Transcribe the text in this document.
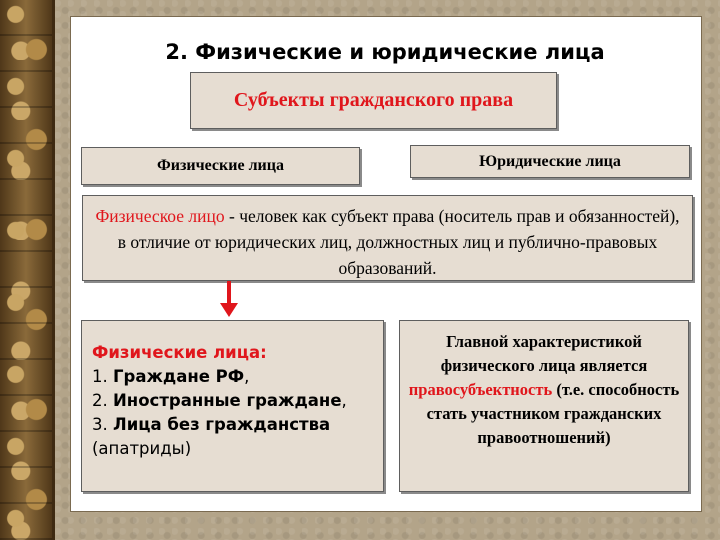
2. Физические и юридические лица
Субъекты гражданского права
Физические лица	Юридические лица
Физическое лицо - человек как субъект права (носитель прав и обязанностей), в отличие от юридических лиц, должностных лиц и публично-правовых образований.
Физические лица:
1. Граждане РФ,
2. Иностранные граждане,
3. Лица без гражданства
(апатриды)
Главной характеристикой физического лица является правосубъектность (т.е. способность стать участником гражданских правоотношений)
